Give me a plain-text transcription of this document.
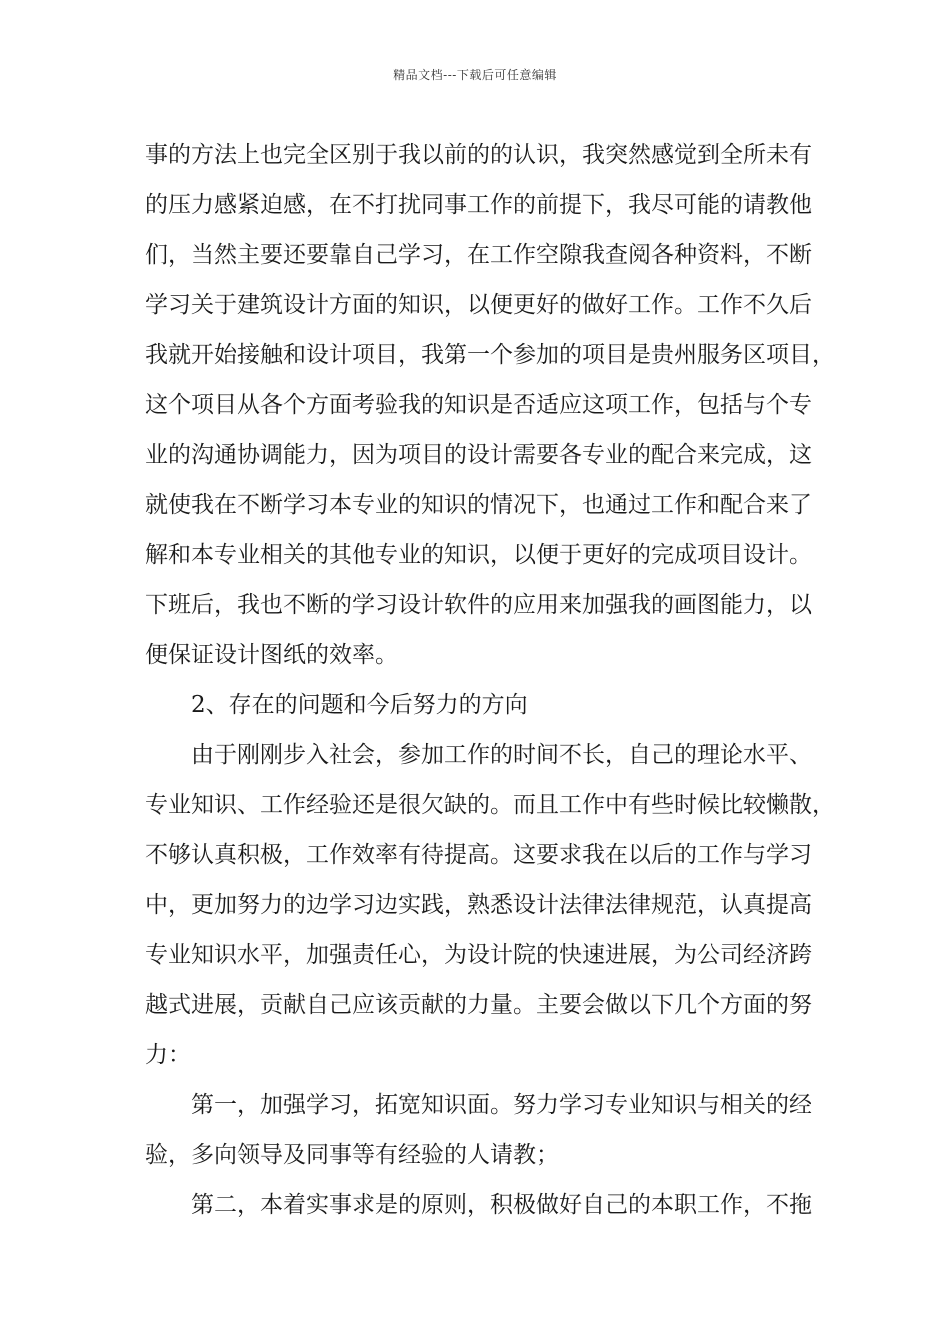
精品文档---下载后可任意编辑
事的方法上也完全区别于我以前的的认识，我突然感觉到全所未有
的压力感紧迫感，在不打扰同事工作的前提下，我尽可能的请教他
们，当然主要还要靠自己学习，在工作空隙我查阅各种资料，不断
学习关于建筑设计方面的知识，以便更好的做好工作。工作不久后
我就开始接触和设计项目，我第一个参加的项目是贵州服务区项目，
这个项目从各个方面考验我的知识是否适应这项工作，包括与个专
业的沟通协调能力，因为项目的设计需要各专业的配合来完成，这
就使我在不断学习本专业的知识的情况下，也通过工作和配合来了
解和本专业相关的其他专业的知识，以便于更好的完成项目设计。
下班后，我也不断的学习设计软件的应用来加强我的画图能力，以
便保证设计图纸的效率。
2、存在的问题和今后努力的方向
由于刚刚步入社会，参加工作的时间不长，自己的理论水平、
专业知识、工作经验还是很欠缺的。而且工作中有些时候比较懒散，
不够认真积极，工作效率有待提高。这要求我在以后的工作与学习
中，更加努力的边学习边实践，熟悉设计法律法律规范，认真提高
专业知识水平，加强责任心，为设计院的快速进展，为公司经济跨
越式进展，贡献自己应该贡献的力量。主要会做以下几个方面的努
力：
第一，加强学习，拓宽知识面。努力学习专业知识与相关的经
验，多向领导及同事等有经验的人请教；
第二，本着实事求是的原则，积极做好自己的本职工作，不拖
